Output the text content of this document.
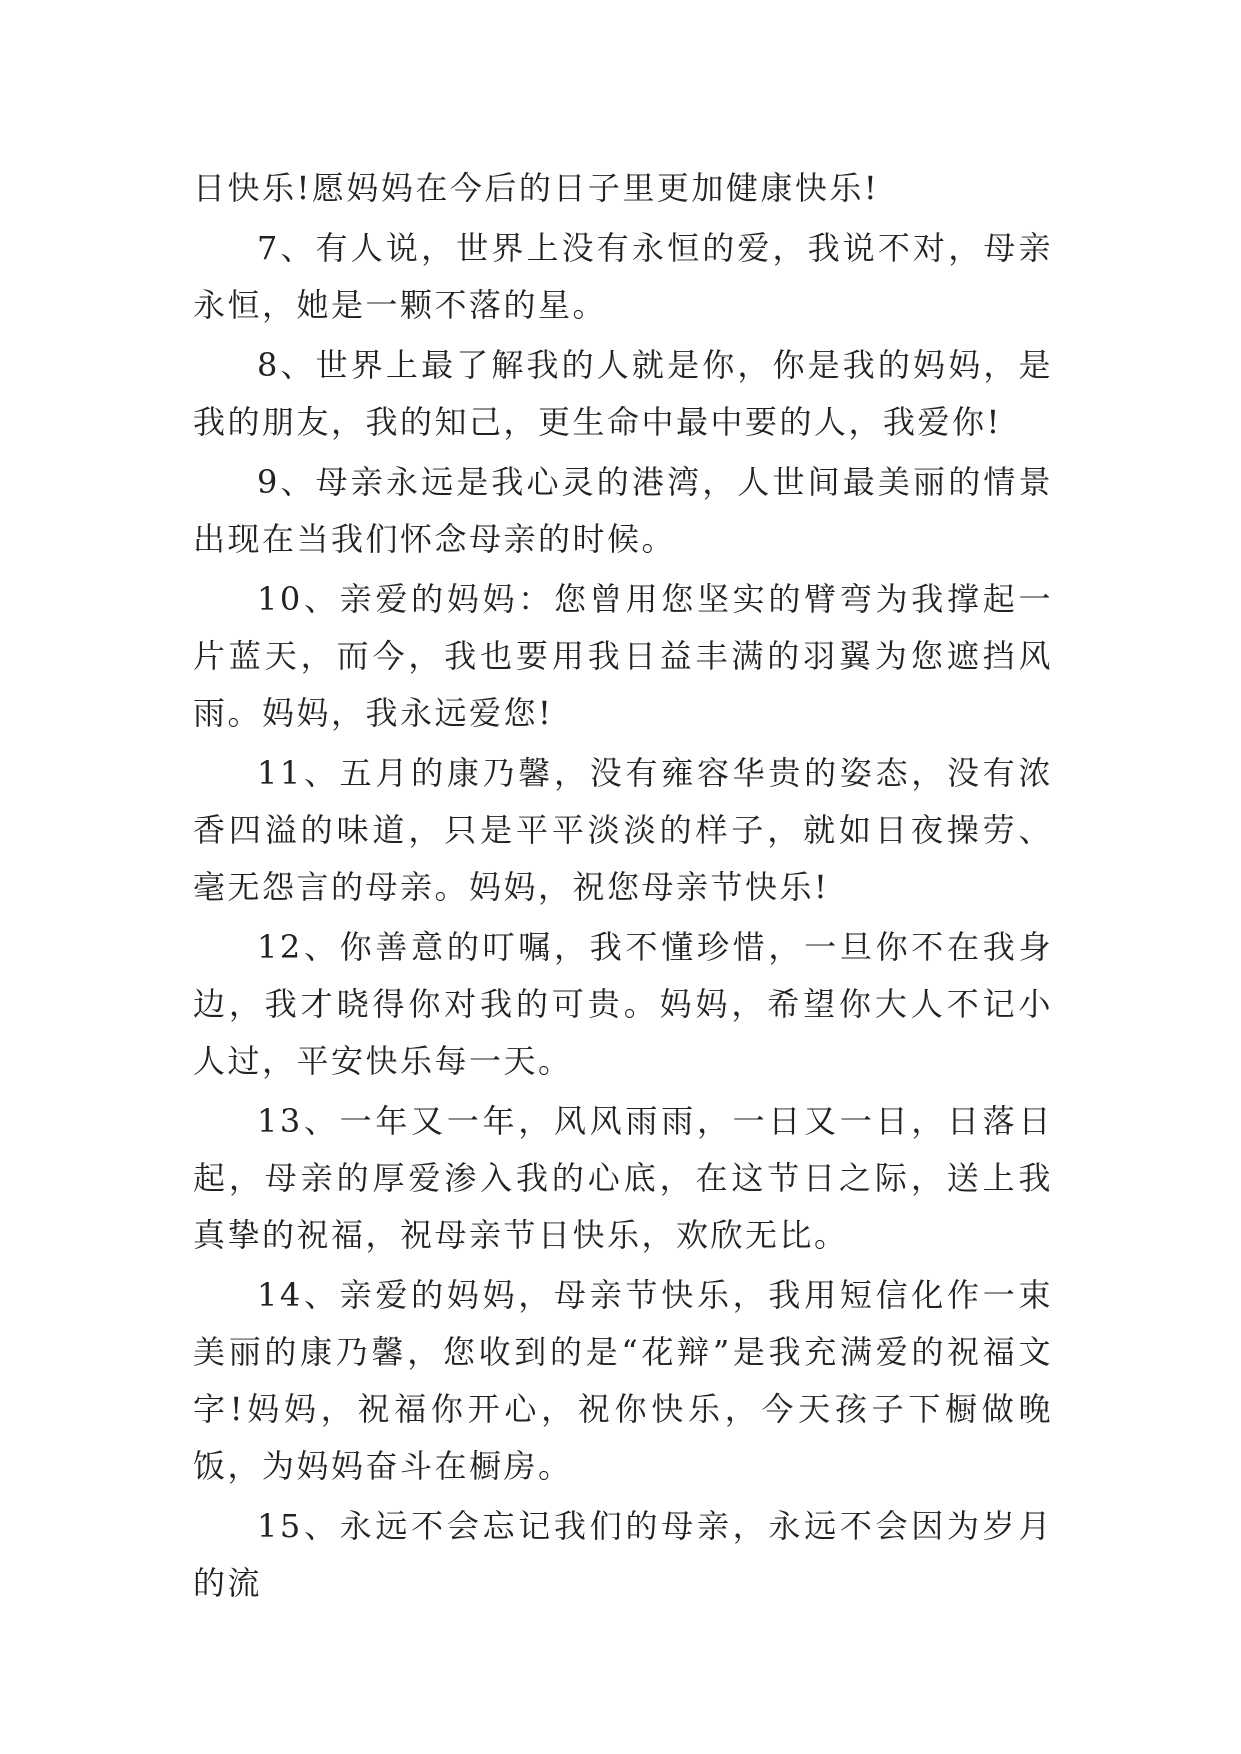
日快乐!愿妈妈在今后的日子里更加健康快乐!

7、有人说，世界上没有永恒的爱，我说不对，母亲永恒，她是一颗不落的星。

8、世界上最了解我的人就是你，你是我的妈妈，是我的朋友，我的知己，更生命中最中要的人，我爱你!

9、母亲永远是我心灵的港湾，人世间最美丽的情景出现在当我们怀念母亲的时候。

10、亲爱的妈妈：您曾用您坚实的臂弯为我撑起一片蓝天，而今，我也要用我日益丰满的羽翼为您遮挡风雨。妈妈，我永远爱您!

11、五月的康乃馨，没有雍容华贵的姿态，没有浓香四溢的味道，只是平平淡淡的样子，就如日夜操劳、毫无怨言的母亲。妈妈，祝您母亲节快乐!

12、你善意的叮嘱，我不懂珍惜，一旦你不在我身边，我才晓得你对我的可贵。妈妈，希望你大人不记小人过，平安快乐每一天。

13、一年又一年，风风雨雨，一日又一日，日落日起，母亲的厚爱渗入我的心底，在这节日之际，送上我真挚的祝福，祝母亲节日快乐，欢欣无比。

14、亲爱的妈妈，母亲节快乐，我用短信化作一束美丽的康乃馨，您收到的是“花辩”是我充满爱的祝福文字!妈妈，祝福你开心，祝你快乐，今天孩子下橱做晚饭，为妈妈奋斗在橱房。

15、永远不会忘记我们的母亲，永远不会因为岁月的流
